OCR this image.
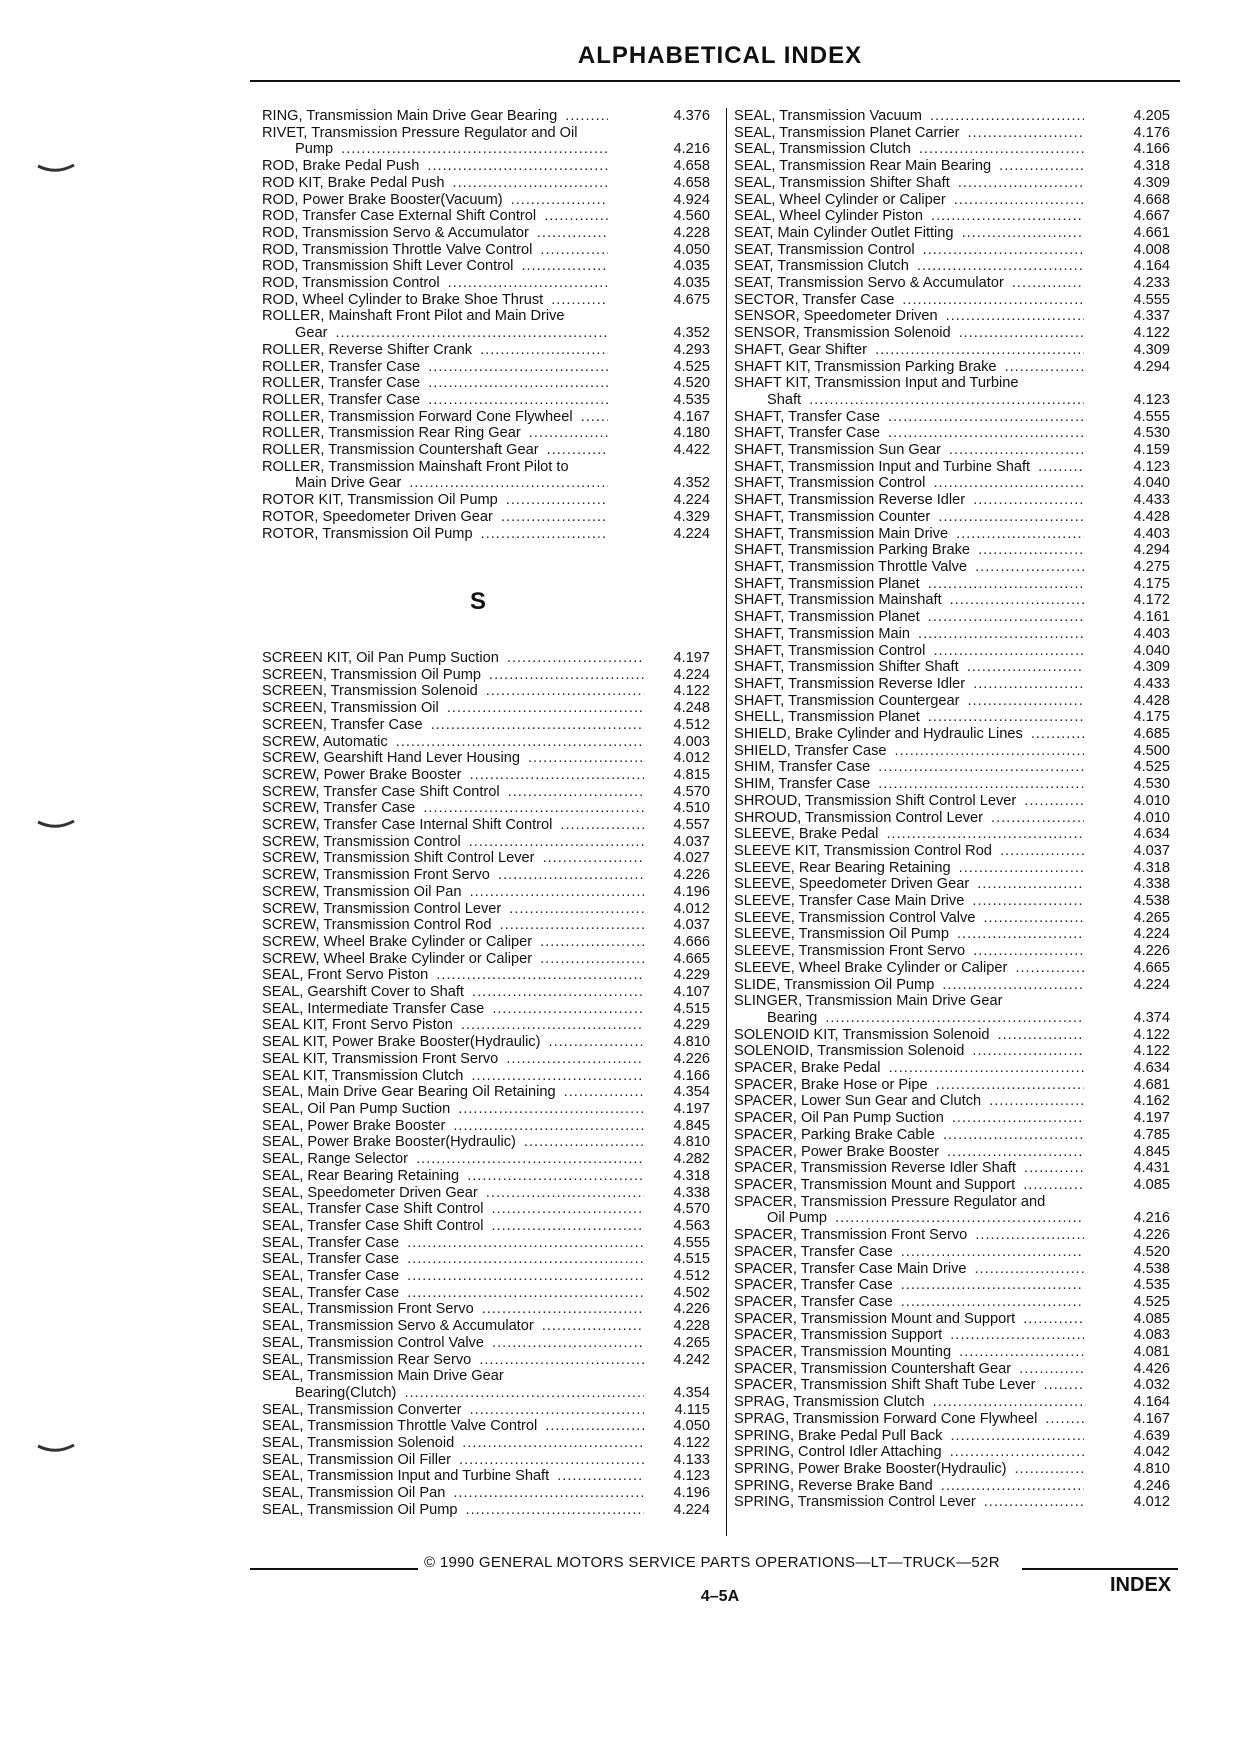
ALPHABETICAL INDEX
RING, Transmission Main Drive Gear Bearing .....	4.376
RIVET, Transmission Pressure Regulator and Oil
Pump .....	4.216
ROD, Brake Pedal Push .....	4.658
ROD KIT, Brake Pedal Push .....	4.658
ROD, Power Brake Booster(Vacuum) .....	4.924
ROD, Transfer Case External Shift Control .....	4.560
ROD, Transmission Servo & Accumulator .....	4.228
ROD, Transmission Throttle Valve Control .....	4.050
ROD, Transmission Shift Lever Control .....	4.035
ROD, Transmission Control .....	4.035
ROD, Wheel Cylinder to Brake Shoe Thrust .....	4.675
ROLLER, Mainshaft Front Pilot and Main Drive
Gear .....	4.352
ROLLER, Reverse Shifter Crank .....	4.293
ROLLER, Transfer Case .....	4.525
ROLLER, Transfer Case .....	4.520
ROLLER, Transfer Case .....	4.535
ROLLER, Transmission Forward Cone Flywheel .....	4.167
ROLLER, Transmission Rear Ring Gear .....	4.180
ROLLER, Transmission Countershaft Gear .....	4.422
ROLLER, Transmission Mainshaft Front Pilot to
Main Drive Gear .....	4.352
ROTOR KIT, Transmission Oil Pump .....	4.224
ROTOR, Speedometer Driven Gear .....	4.329
ROTOR, Transmission Oil Pump .....	4.224
S
SCREEN KIT, Oil Pan Pump Suction .....	4.197
SCREEN, Transmission Oil Pump .....	4.224
SCREEN, Transmission Solenoid .....	4.122
SCREEN, Transmission Oil .....	4.248
SCREEN, Transfer Case .....	4.512
SCREW, Automatic .....	4.003
SCREW, Gearshift Hand Lever Housing .....	4.012
SCREW, Power Brake Booster .....	4.815
SCREW, Transfer Case Shift Control .....	4.570
SCREW, Transfer Case .....	4.510
SCREW, Transfer Case Internal Shift Control .....	4.557
SCREW, Transmission Control .....	4.037
SCREW, Transmission Shift Control Lever .....	4.027
SCREW, Transmission Front Servo .....	4.226
SCREW, Transmission Oil Pan .....	4.196
SCREW, Transmission Control Lever .....	4.012
SCREW, Transmission Control Rod .....	4.037
SCREW, Wheel Brake Cylinder or Caliper .....	4.666
SCREW, Wheel Brake Cylinder or Caliper .....	4.665
SEAL, Front Servo Piston .....	4.229
SEAL, Gearshift Cover to Shaft .....	4.107
SEAL, Intermediate Transfer Case .....	4.515
SEAL KIT, Front Servo Piston .....	4.229
SEAL KIT, Power Brake Booster(Hydraulic) .....	4.810
SEAL KIT, Transmission Front Servo .....	4.226
SEAL KIT, Transmission Clutch .....	4.166
SEAL, Main Drive Gear Bearing Oil Retaining .....	4.354
SEAL, Oil Pan Pump Suction .....	4.197
SEAL, Power Brake Booster .....	4.845
SEAL, Power Brake Booster(Hydraulic) .....	4.810
SEAL, Range Selector .....	4.282
SEAL, Rear Bearing Retaining .....	4.318
SEAL, Speedometer Driven Gear .....	4.338
SEAL, Transfer Case Shift Control .....	4.570
SEAL, Transfer Case Shift Control .....	4.563
SEAL, Transfer Case .....	4.555
SEAL, Transfer Case .....	4.515
SEAL, Transfer Case .....	4.512
SEAL, Transfer Case .....	4.502
SEAL, Transmission Front Servo .....	4.226
SEAL, Transmission Servo & Accumulator .....	4.228
SEAL, Transmission Control Valve .....	4.265
SEAL, Transmission Rear Servo .....	4.242
SEAL, Transmission Main Drive Gear
Bearing(Clutch) .....	4.354
SEAL, Transmission Converter .....	4.115
SEAL, Transmission Throttle Valve Control .....	4.050
SEAL, Transmission Solenoid .....	4.122
SEAL, Transmission Oil Filler .....	4.133
SEAL, Transmission Input and Turbine Shaft .....	4.123
SEAL, Transmission Oil Pan .....	4.196
SEAL, Transmission Oil Pump .....	4.224
SEAL, Transmission Vacuum .....	4.205
SEAL, Transmission Planet Carrier .....	4.176
SEAL, Transmission Clutch .....	4.166
SEAL, Transmission Rear Main Bearing .....	4.318
SEAL, Transmission Shifter Shaft .....	4.309
SEAL, Wheel Cylinder or Caliper .....	4.668
SEAL, Wheel Cylinder Piston .....	4.667
SEAT, Main Cylinder Outlet Fitting .....	4.661
SEAT, Transmission Control .....	4.008
SEAT, Transmission Clutch .....	4.164
SEAT, Transmission Servo & Accumulator .....	4.233
SECTOR, Transfer Case .....	4.555
SENSOR, Speedometer Driven .....	4.337
SENSOR, Transmission Solenoid .....	4.122
SHAFT, Gear Shifter .....	4.309
SHAFT KIT, Transmission Parking Brake .....	4.294
SHAFT KIT, Transmission Input and Turbine
Shaft .....	4.123
SHAFT, Transfer Case .....	4.555
SHAFT, Transfer Case .....	4.530
SHAFT, Transmission Sun Gear .....	4.159
SHAFT, Transmission Input and Turbine Shaft .....	4.123
SHAFT, Transmission Control .....	4.040
SHAFT, Transmission Reverse Idler .....	4.433
SHAFT, Transmission Counter .....	4.428
SHAFT, Transmission Main Drive .....	4.403
SHAFT, Transmission Parking Brake .....	4.294
SHAFT, Transmission Throttle Valve .....	4.275
SHAFT, Transmission Planet .....	4.175
SHAFT, Transmission Mainshaft .....	4.172
SHAFT, Transmission Planet .....	4.161
SHAFT, Transmission Main .....	4.403
SHAFT, Transmission Control .....	4.040
SHAFT, Transmission Shifter Shaft .....	4.309
SHAFT, Transmission Reverse Idler .....	4.433
SHAFT, Transmission Countergear .....	4.428
SHELL, Transmission Planet .....	4.175
SHIELD, Brake Cylinder and Hydraulic Lines .....	4.685
SHIELD, Transfer Case .....	4.500
SHIM, Transfer Case .....	4.525
SHIM, Transfer Case .....	4.530
SHROUD, Transmission Shift Control Lever .....	4.010
SHROUD, Transmission Control Lever .....	4.010
SLEEVE, Brake Pedal .....	4.634
SLEEVE KIT, Transmission Control Rod .....	4.037
SLEEVE, Rear Bearing Retaining .....	4.318
SLEEVE, Speedometer Driven Gear .....	4.338
SLEEVE, Transfer Case Main Drive .....	4.538
SLEEVE, Transmission Control Valve .....	4.265
SLEEVE, Transmission Oil Pump .....	4.224
SLEEVE, Transmission Front Servo .....	4.226
SLEEVE, Wheel Brake Cylinder or Caliper .....	4.665
SLIDE, Transmission Oil Pump .....	4.224
SLINGER, Transmission Main Drive Gear
Bearing .....	4.374
SOLENOID KIT, Transmission Solenoid .....	4.122
SOLENOID, Transmission Solenoid .....	4.122
SPACER, Brake Pedal .....	4.634
SPACER, Brake Hose or Pipe .....	4.681
SPACER, Lower Sun Gear and Clutch .....	4.162
SPACER, Oil Pan Pump Suction .....	4.197
SPACER, Parking Brake Cable .....	4.785
SPACER, Power Brake Booster .....	4.845
SPACER, Transmission Reverse Idler Shaft .....	4.431
SPACER, Transmission Mount and Support .....	4.085
SPACER, Transmission Pressure Regulator and
Oil Pump .....	4.216
SPACER, Transmission Front Servo .....	4.226
SPACER, Transfer Case .....	4.520
SPACER, Transfer Case Main Drive .....	4.538
SPACER, Transfer Case .....	4.535
SPACER, Transfer Case .....	4.525
SPACER, Transmission Mount and Support .....	4.085
SPACER, Transmission Support .....	4.083
SPACER, Transmission Mounting .....	4.081
SPACER, Transmission Countershaft Gear .....	4.426
SPACER, Transmission Shift Shaft Tube Lever .....	4.032
SPRAG, Transmission Clutch .....	4.164
SPRAG, Transmission Forward Cone Flywheel .....	4.167
SPRING, Brake Pedal Pull Back .....	4.639
SPRING, Control Idler Attaching .....	4.042
SPRING, Power Brake Booster(Hydraulic) .....	4.810
SPRING, Reverse Brake Band .....	4.246
SPRING, Transmission Control Lever .....	4.012
© 1990 GENERAL MOTORS SERVICE PARTS OPERATIONS—LT—TRUCK—52R
4–5A
INDEX
